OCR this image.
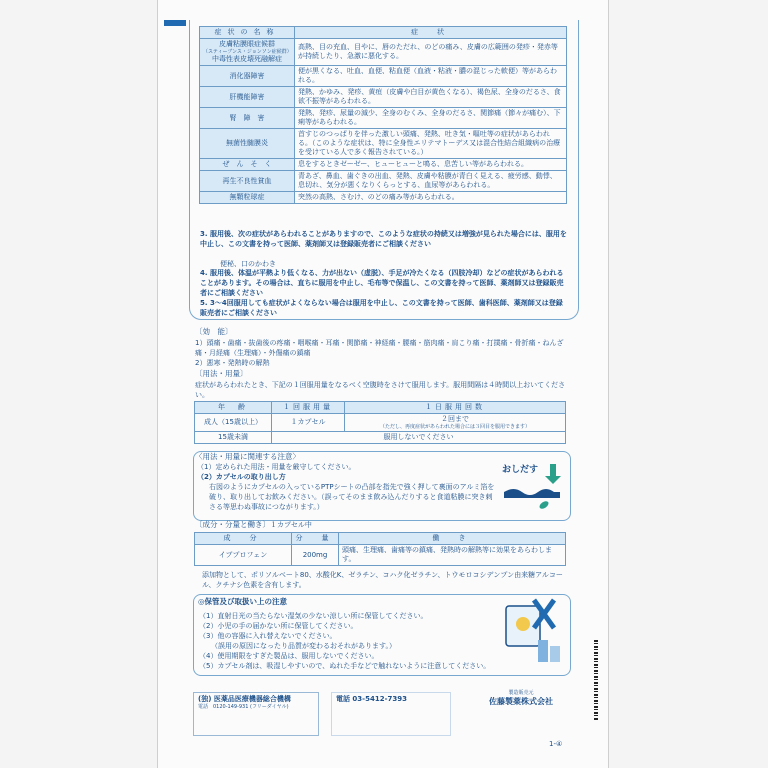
症状の名称	症　状
皮膚粘膜眼症候群
（スティーブンス・ジョンソン症候群）
中毒性表皮壊死融解症	高熱、目の充血、目やに、唇のただれ、のどの痛み、皮膚の広範囲の発疹・発赤等が持続したり、急激に悪化する。
消化器障害	便が黒くなる、吐血、血便、粘血便（血液・粘液・膿の混じった軟便）等があらわれる。
肝機能障害	発熱、かゆみ、発疹、黄疸（皮膚や白目が黄色くなる）、褐色尿、全身のだるさ、食欲不振等があらわれる。
腎　障　害	発熱、発疹、尿量の減少、全身のむくみ、全身のだるさ、関節痛（節々が痛む）、下痢等があらわれる。
無菌性髄膜炎	首すじのつっぱりを伴った激しい頭痛、発熱、吐き気・嘔吐等の症状があらわれる。（このような症状は、特に全身性エリテマトーデス又は混合性結合組織病の治療を受けている人で多く報告されている。）
ぜ　ん　そ　く	息をするときゼーゼー、ヒューヒューと鳴る、息苦しい等があらわれる。
再生不良性貧血	青あざ、鼻血、歯ぐきの出血、発熱、皮膚や粘膜が青白く見える、疲労感、動悸、息切れ、気分が悪くなりくらっとする、血尿等があらわれる。
無顆粒球症	突然の高熱、さむけ、のどの痛み等があらわれる。
3. 服用後、次の症状があらわれることがありますので、このような症状の持続又は増強が見られた場合には、服用を中止し、この文書を持って医師、薬剤師又は登録販売者にご相談ください
便秘、口のかわき
4. 服用後、体温が平熱より低くなる、力が出ない（虚脱）、手足が冷たくなる（四肢冷却）などの症状があらわれることがあります。その場合は、直ちに服用を中止し、毛布等で保温し、この文書を持って医師、薬剤師又は登録販売者にご相談ください
5. 3～4回服用しても症状がよくならない場合は服用を中止し、この文書を持って医師、歯科医師、薬剤師又は登録販売者にご相談ください
〔効　能〕
1）頭痛・歯痛・抜歯後の疼痛・咽喉痛・耳痛・関節痛・神経痛・腰痛・筋肉痛・肩こり痛・打撲痛・骨折痛・ねんざ痛・月経痛（生理痛）・外傷痛の鎮痛
2）悪寒・発熱時の解熱
〔用法・用量〕
症状があらわれたとき、下記の１回服用量をなるべく空腹時をさけて服用します。服用間隔は４時間以上おいてください。
年　齢	１回服用量	１日服用回数
成人（15歳以上）	１カプセル	２回まで
（ただし、再度症状があらわれた場合には３回目を服用できます）

15歳未満	服用しないでください	
〈用法・用量に関連する注意〉
（1）定められた用法・用量を厳守してください。
（2）カプセルの取り出し方
右図のようにカプセルの入っているPTPシートの凸部を指先で強く押して裏面のアルミ箔を破り、取り出してお飲みください。（誤ってそのまま飲み込んだりすると食道粘膜に突き刺さる等思わぬ事故につながります。）
おしだす
〔成分・分量と働き〕１カプセル中
成　分	分　量	働　き
イブプロフェン	200mg	頭痛、生理痛、歯痛等の鎮痛、発熱時の解熱等に効果をあらわします。
添加物として、ポリソルベート80、水酸化K、ゼラチン、コハク化ゼラチン、トウモロコシデンプン由来糖アルコール、クチナシ色素を含有します。
◎保管及び取扱い上の注意
（1）直射日光の当たらない湿気の少ない涼しい所に保管してください。
（2）小児の手の届かない所に保管してください。
（3）他の容器に入れ替えないでください。
（誤用の原因になったり品質が変わるおそれがあります。）
（4）使用期限をすぎた製品は、服用しないでください。
（5）カプセル剤は、吸湿しやすいので、ぬれた手などで触れないように注意してください。
(独) 医薬品医療機器総合機構
電話　0120-149-931 (フリーダイヤル)
電話 03-5412-7393
製造販売元
佐藤製薬株式会社
1-④
